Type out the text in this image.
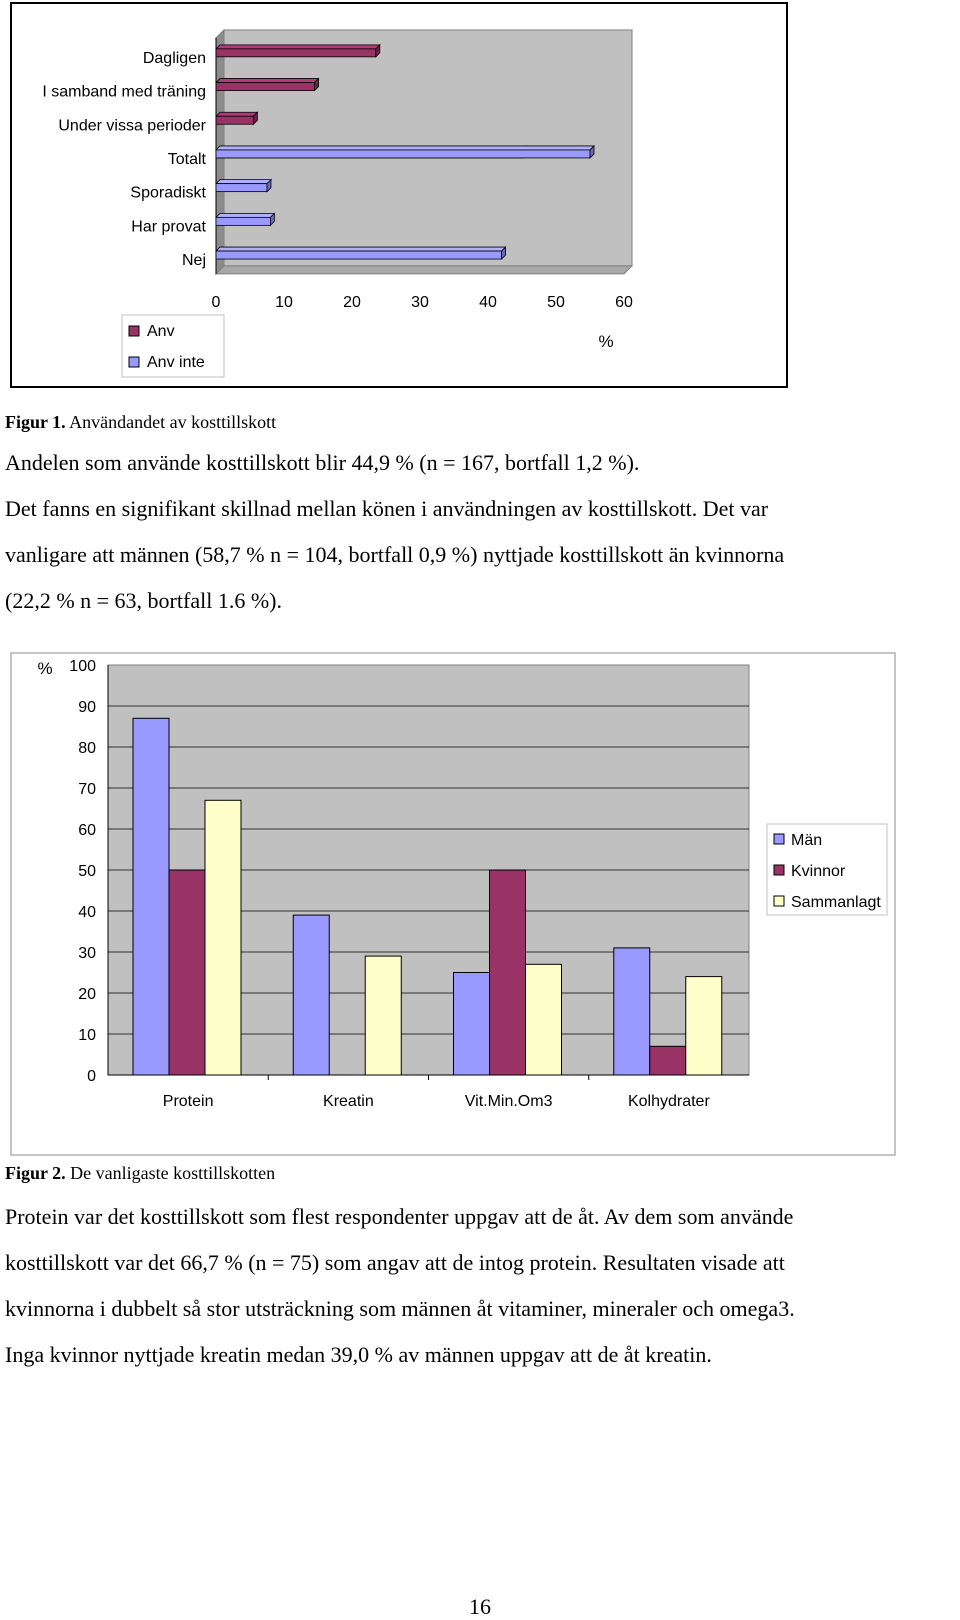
Dagligen
I samband med träning
Under vissa perioder
Totalt
Sporadiskt
Har provat
Nej
0	10	20	30	40	50	60
%
Anv
Anv inte
Figur 1. Användandet av kosttillskott

Andelen som använde kosttillskott blir 44,9 % (n = 167, bortfall 1,2 %).
Det fanns en signifikant skillnad mellan könen i användningen av kosttillskott. Det var
vanligare att männen (58,7 % n = 104, bortfall 0,9 %) nyttjade kosttillskott än kvinnorna
(22,2 % n = 63, bortfall 1.6 %).

0
10
20
30
40
50
60
70
80
90
100
Protein	Kreatin	Vit.Min.Om3	Kolhydrater
%
Män
Kvinnor
Sammanlagt
Figur 2. De vanligaste kosttillskotten

Protein var det kosttillskott som flest respondenter uppgav att de åt. Av dem som använde
kosttillskott var det 66,7 % (n = 75) som angav att de intog protein. Resultaten visade att
kvinnorna i dubbelt så stor utsträckning som männen åt vitaminer, mineraler och omega3.
Inga kvinnor nyttjade kreatin medan 39,0 % av männen uppgav att de åt kreatin.

16
